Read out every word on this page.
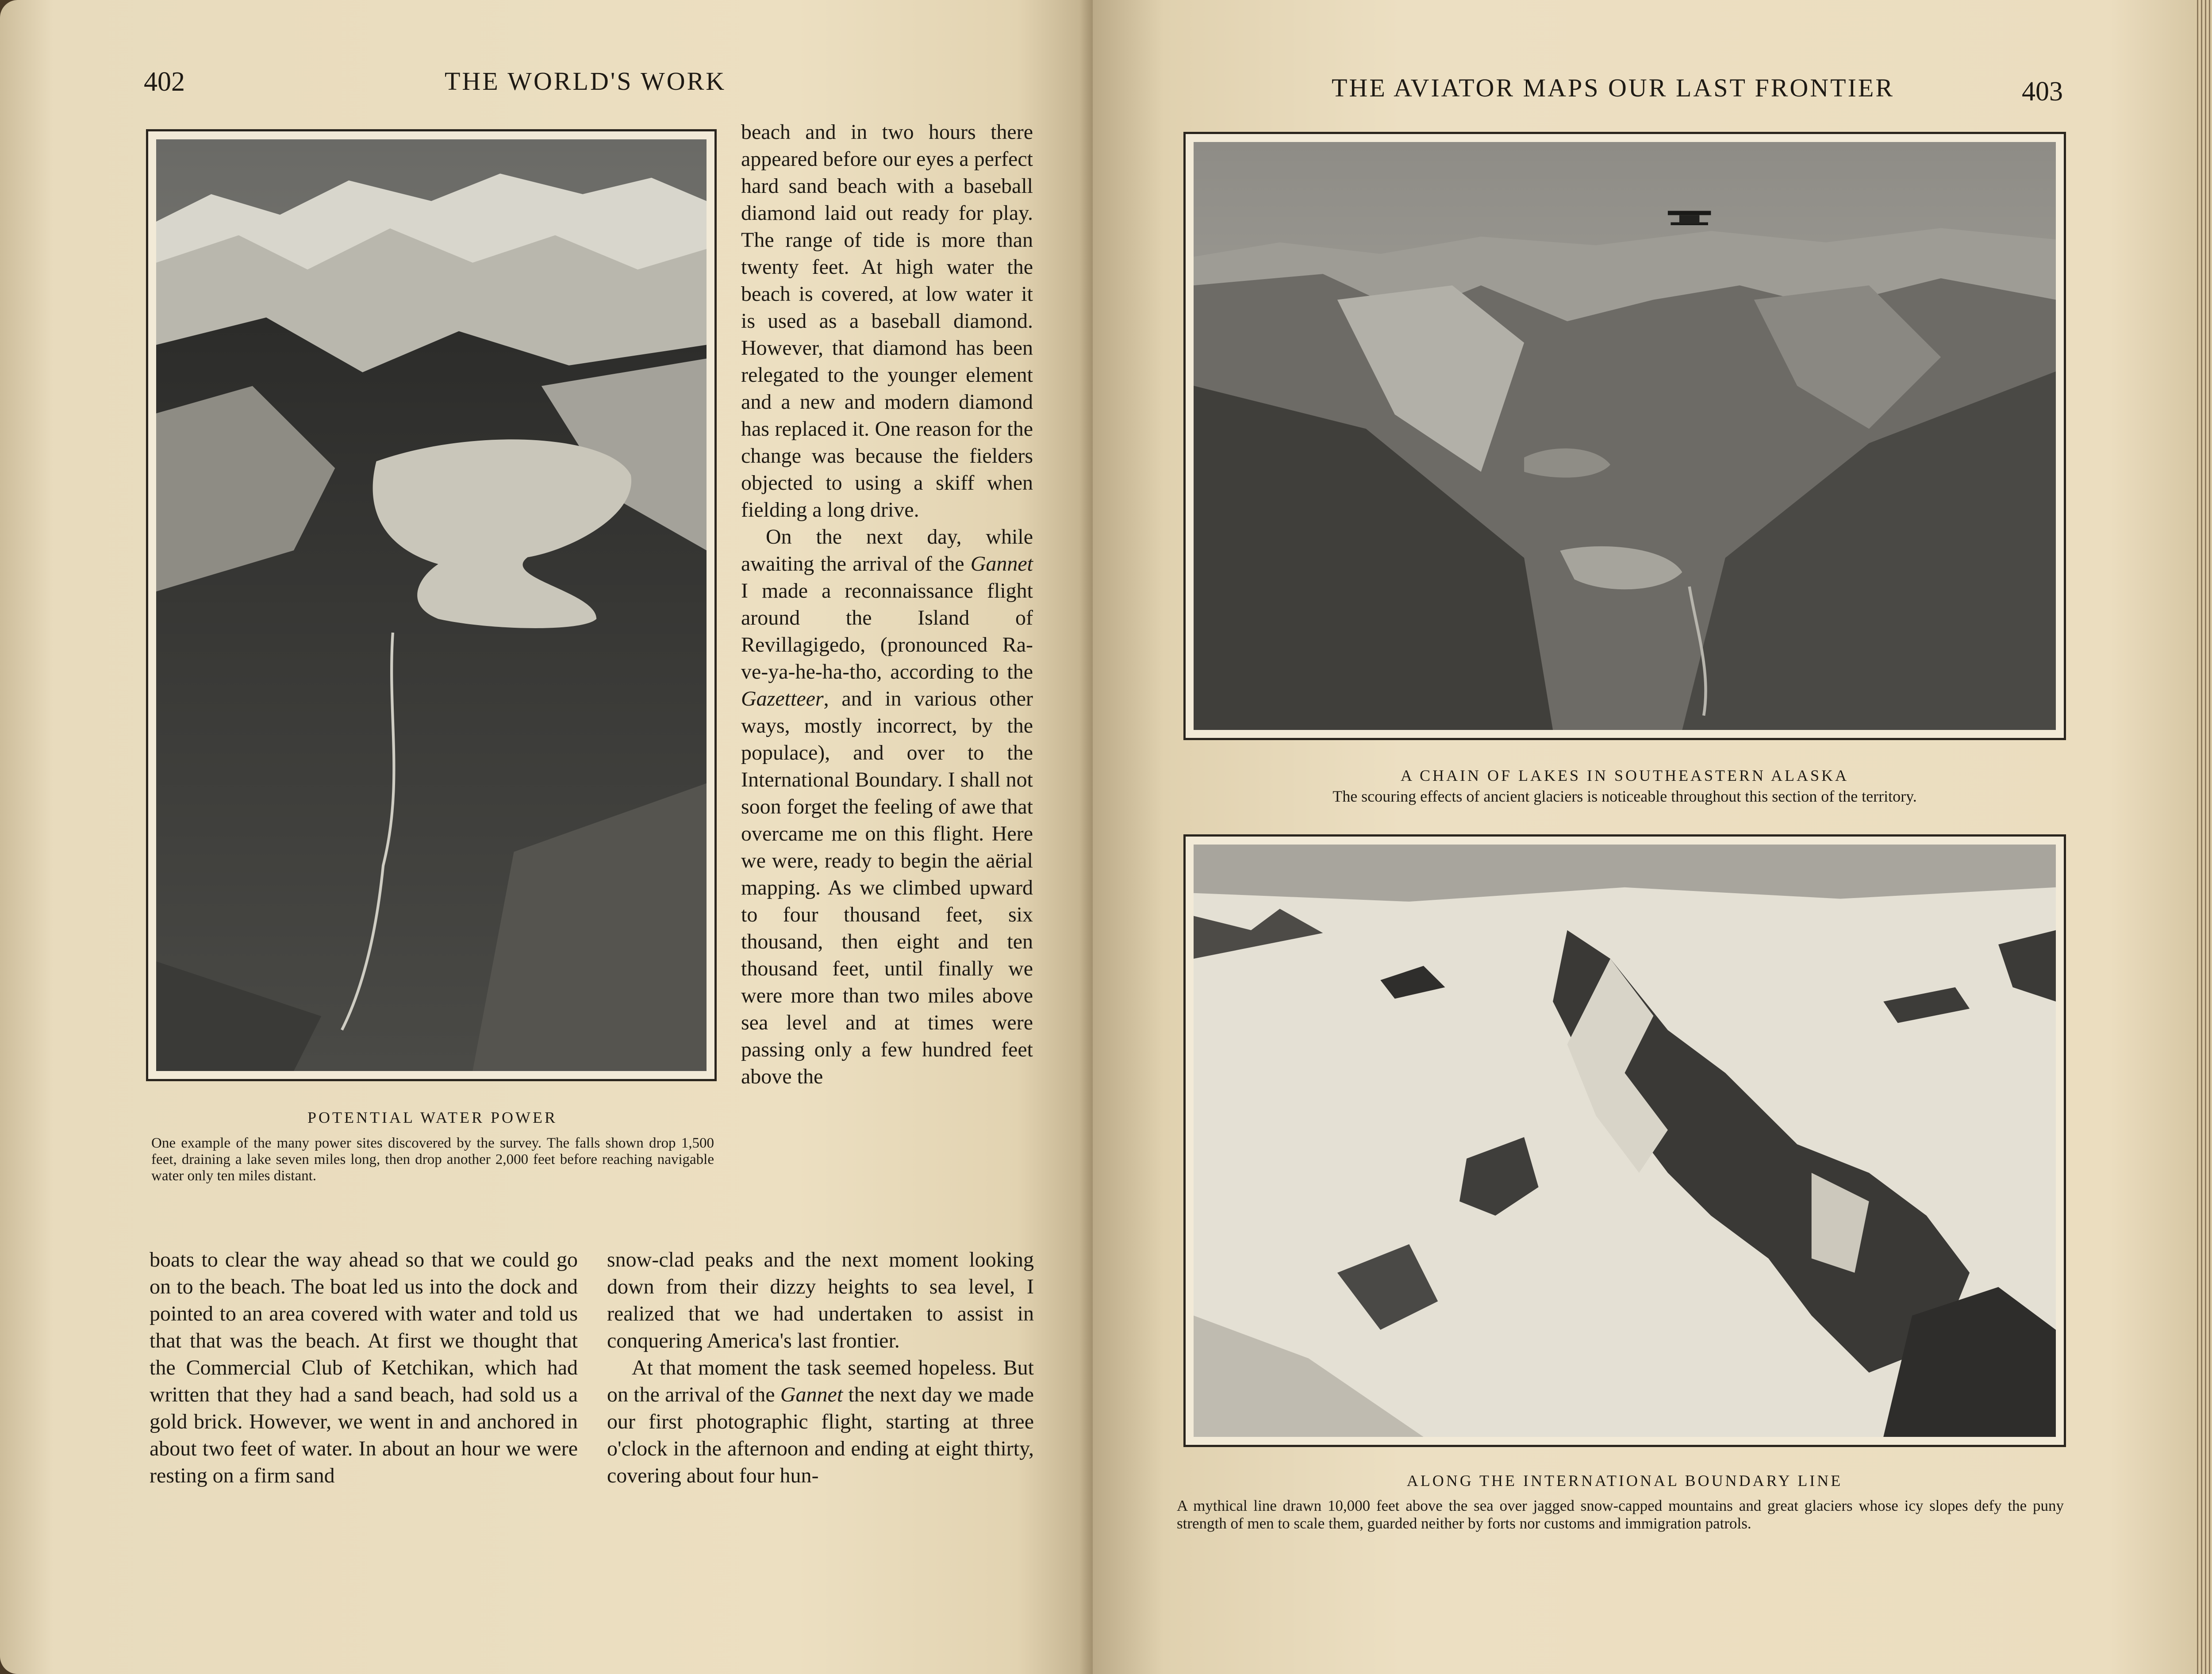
402	THE WORLD'S WORK
POTENTIAL WATER POWER
One example of the many power sites discovered by the survey. The falls shown drop 1,500 feet, draining a lake seven miles long, then drop another 2,000 feet before reaching navigable water only ten miles distant.

beach and in two hours there appeared before our eyes a perfect hard sand beach with a baseball diamond laid out ready for play. The range of tide is more than twenty feet. At high water the beach is covered, at low water it is used as a baseball diamond. However, that diamond has been relegated to the younger element and a new and modern diamond has replaced it. One reason for the change was because the fielders objected to using a skiff when fielding a long drive.

On the next day, while awaiting the arrival of the Gannet I made a reconnaissance flight around the Island of Revillagigedo, (pronounced Ra-ve-ya-he-ha-tho, according to the Gazetteer, and in various other ways, mostly incorrect, by the populace), and over to the International Boundary. I shall not soon forget the feeling of awe that overcame me on this flight. Here we were, ready to begin the aërial mapping. As we climbed upward to four thousand feet, six thousand, then eight and ten thousand feet, until finally we were more than two miles above sea level and at times were passing only a few hundred feet above the

boats to clear the way ahead so that we could go on to the beach. The boat led us into the dock and pointed to an area covered with water and told us that that was the beach. At first we thought that the Commercial Club of Ketchikan, which had written that they had a sand beach, had sold us a gold brick. However, we went in and anchored in about two feet of water. In about an hour we were resting on a firm sand

snow-clad peaks and the next moment looking down from their dizzy heights to sea level, I realized that we had undertaken to assist in conquering America's last frontier.

At that moment the task seemed hopeless. But on the arrival of the Gannet the next day we made our first photographic flight, starting at three o'clock in the afternoon and ending at eight thirty, covering about four hun-

THE AVIATOR MAPS OUR LAST FRONTIER	403
A CHAIN OF LAKES IN SOUTHEASTERN ALASKA
The scouring effects of ancient glaciers is noticeable throughout this section of the territory.
ALONG THE INTERNATIONAL BOUNDARY LINE
A mythical line drawn 10,000 feet above the sea over jagged snow-capped mountains and great glaciers whose icy slopes defy the puny strength of men to scale them, guarded neither by forts nor customs and immigration patrols.
